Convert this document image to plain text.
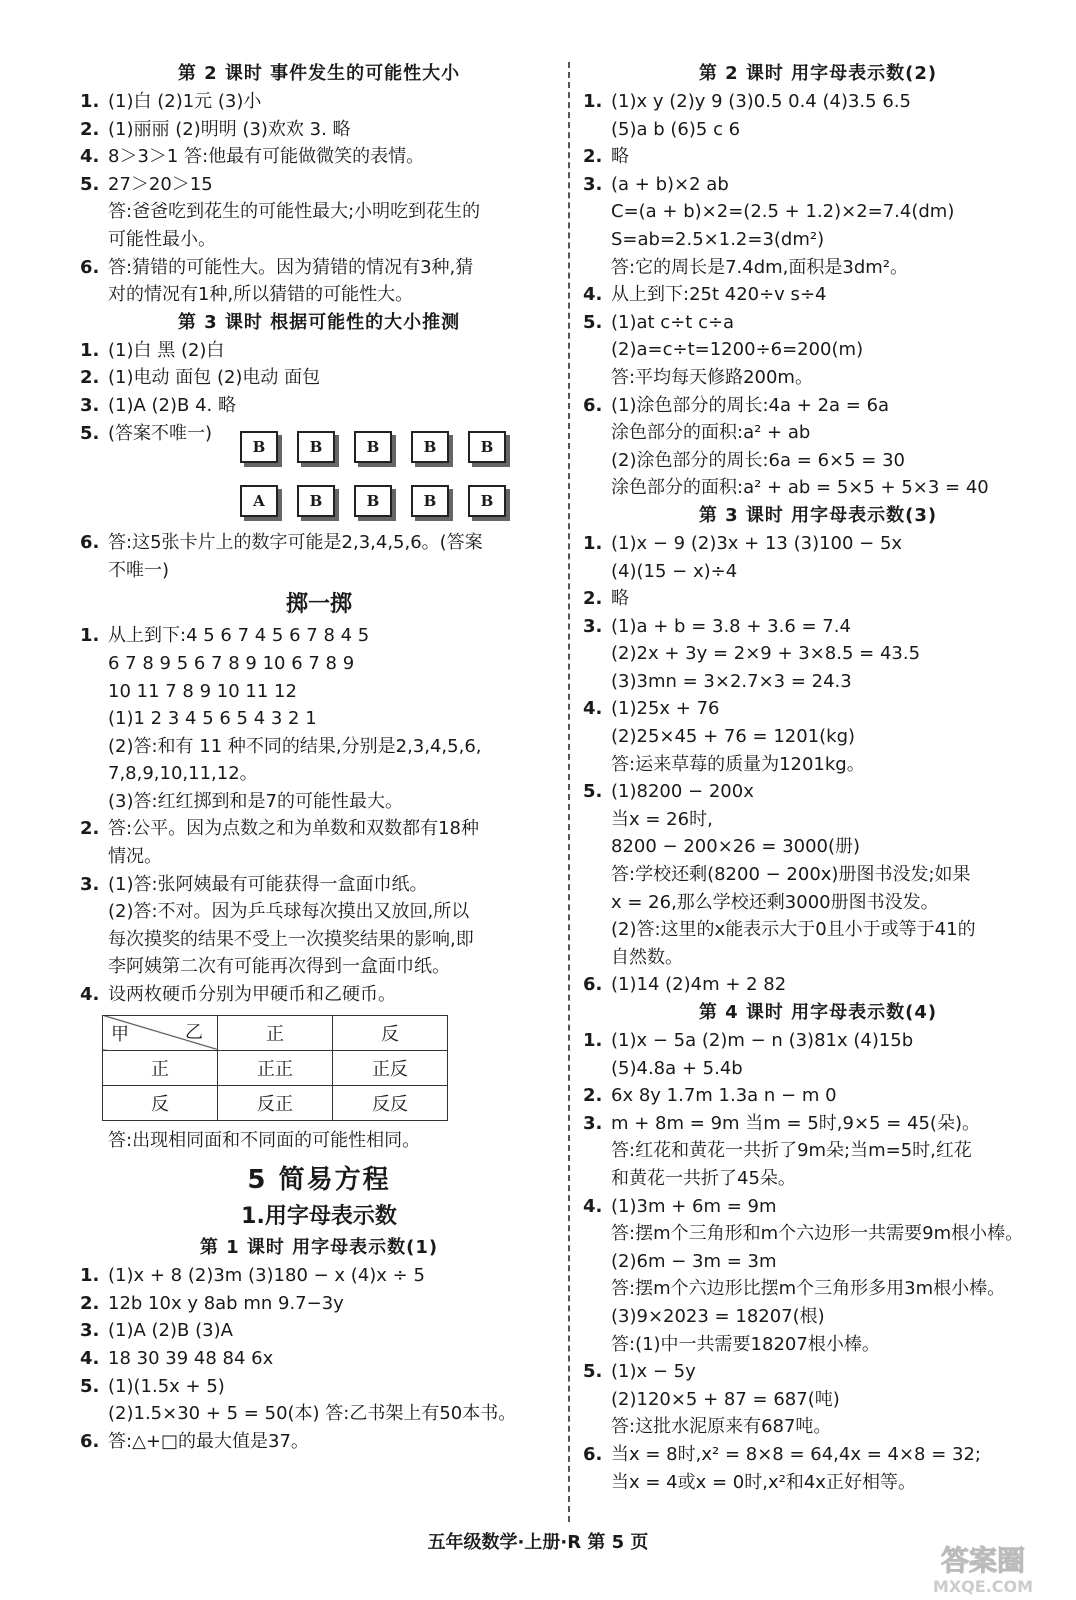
第 2 课时 事件发生的可能性大小
1. (1)白 (2)1元 (3)小
2. (1)丽丽 (2)明明 (3)欢欢 3. 略
4. 8＞3＞1 答:他最有可能做微笑的表情。
5. 27＞20＞15
答:爸爸吃到花生的可能性最大;小明吃到花生的
可能性最小。
6. 答:猜错的可能性大。因为猜错的情况有3种,猜
对的情况有1种,所以猜错的可能性大。
第 3 课时 根据可能性的大小推测
1. (1)白 黑 (2)白
2. (1)电动 面包 (2)电动 面包
3. (1)A (2)B 4. 略
5. (答案不唯一)
B	B	B	B	B
A	B	B	B	B
6. 答:这5张卡片上的数字可能是2,3,4,5,6。(答案
不唯一)
掷一掷
1. 从上到下:4 5 6 7 4 5 6 7 8 4 5
6 7 8 9 5 6 7 8 9 10 6 7 8 9
10 11 7 8 9 10 11 12
(1)1 2 3 4 5 6 5 4 3 2 1
(2)答:和有 11 种不同的结果,分别是2,3,4,5,6,
7,8,9,10,11,12。
(3)答:红红掷到和是7的可能性最大。
2. 答:公平。因为点数之和为单数和双数都有18种
情况。
3. (1)答:张阿姨最有可能获得一盒面巾纸。
(2)答:不对。因为乒乓球每次摸出又放回,所以
每次摸奖的结果不受上一次摸奖结果的影响,即
李阿姨第二次有可能再次得到一盒面巾纸。
4. 设两枚硬币分别为甲硬币和乙硬币。
乙
甲	正	反
正	正正	正反
反	反正	反反
答:出现相同面和不同面的可能性相同。
5 简易方程
1.用字母表示数
第 1 课时 用字母表示数(1)
1. (1)x + 8 (2)3m (3)180 − x (4)x ÷ 5
2. 12b 10x y 8ab mn 9.7−3y
3. (1)A (2)B (3)A
4. 18 30 39 48 84 6x
5. (1)(1.5x + 5)
(2)1.5×30 + 5 = 50(本) 答:乙书架上有50本书。
6. 答:△+□的最大值是37。
第 2 课时 用字母表示数(2)
1. (1)x y (2)y 9 (3)0.5 0.4 (4)3.5 6.5
(5)a b (6)5 c 6
2. 略
3. (a + b)×2 ab
C=(a + b)×2=(2.5 + 1.2)×2=7.4(dm)
S=ab=2.5×1.2=3(dm²)
答:它的周长是7.4dm,面积是3dm²。
4. 从上到下:25t 420÷v s÷4
5. (1)at c÷t c÷a
(2)a=c÷t=1200÷6=200(m)
答:平均每天修路200m。
6. (1)涂色部分的周长:4a + 2a = 6a
涂色部分的面积:a² + ab
(2)涂色部分的周长:6a = 6×5 = 30
涂色部分的面积:a² + ab = 5×5 + 5×3 = 40
第 3 课时 用字母表示数(3)
1. (1)x − 9 (2)3x + 13 (3)100 − 5x
(4)(15 − x)÷4
2. 略
3. (1)a + b = 3.8 + 3.6 = 7.4
(2)2x + 3y = 2×9 + 3×8.5 = 43.5
(3)3mn = 3×2.7×3 = 24.3
4. (1)25x + 76
(2)25×45 + 76 = 1201(kg)
答:运来草莓的质量为1201kg。
5. (1)8200 − 200x
当x = 26时,
8200 − 200×26 = 3000(册)
答:学校还剩(8200 − 200x)册图书没发;如果
x = 26,那么学校还剩3000册图书没发。
(2)答:这里的x能表示大于0且小于或等于41的
自然数。
6. (1)14 (2)4m + 2 82
第 4 课时 用字母表示数(4)
1. (1)x − 5a (2)m − n (3)81x (4)15b
(5)4.8a + 5.4b
2. 6x 8y 1.7m 1.3a n − m 0
3. m + 8m = 9m 当m = 5时,9×5 = 45(朵)。
答:红花和黄花一共折了9m朵;当m=5时,红花
和黄花一共折了45朵。
4. (1)3m + 6m = 9m
答:摆m个三角形和m个六边形一共需要9m根小棒。
(2)6m − 3m = 3m
答:摆m个六边形比摆m个三角形多用3m根小棒。
(3)9×2023 = 18207(根)
答:(1)中一共需要18207根小棒。
5. (1)x − 5y
(2)120×5 + 87 = 687(吨)
答:这批水泥原来有687吨。
6. 当x = 8时,x² = 8×8 = 64,4x = 4×8 = 32;
当x = 4或x = 0时,x²和4x正好相等。
五年级数学·上册·R 第 5 页
答案圈
MXQE.COM
